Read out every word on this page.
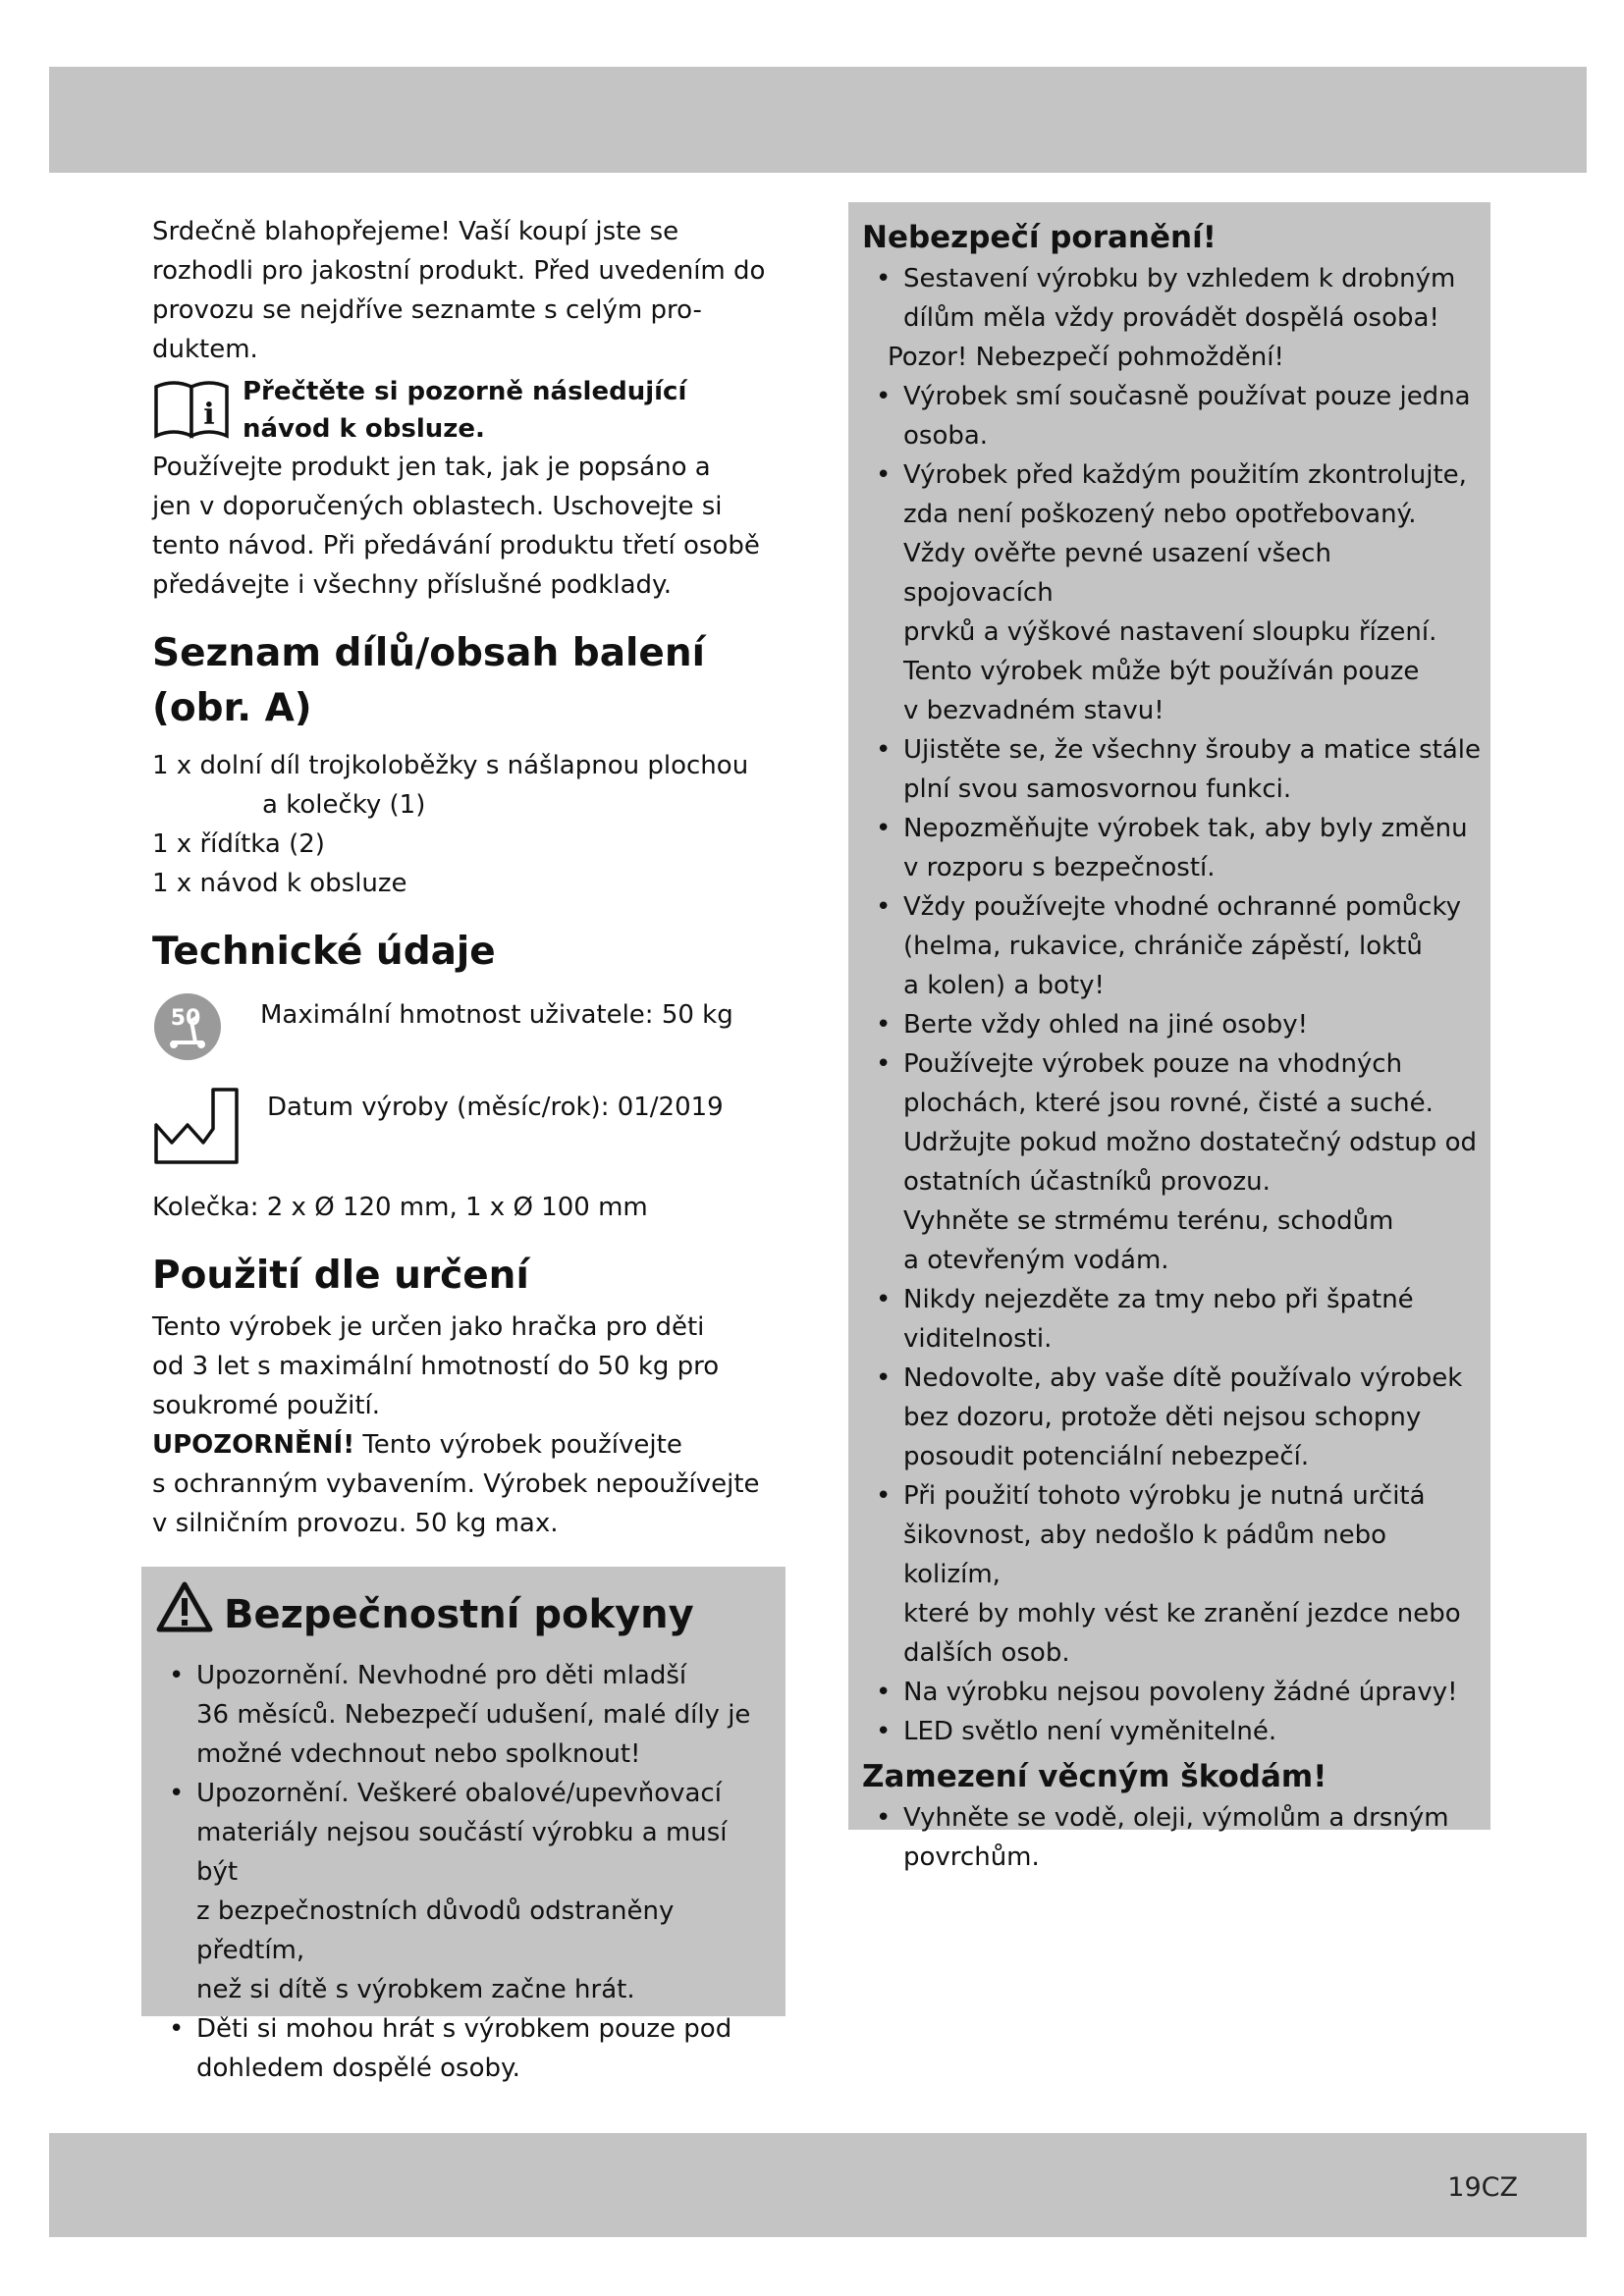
19CZ

Srdečně blahopřejeme! Vaší koupí jste se

rozhodli pro jakostní produkt. Před uvedením do

provozu se nejdříve seznamte s celým pro-

duktem.

i
Přečtěte si pozorně následující
návod k obsluze.

Používejte produkt jen tak, jak je popsáno a

jen v doporučených oblastech. Uschovejte si

tento návod. Při předávání produktu třetí osobě

předávejte i všechny příslušné podklady.

Seznam dílů/obsah balení
(obr. A)
1 x dolní díl trojkoloběžky s nášlapnou plochou
a kolečky (1)
1 x řídítka (2)
1 x návod k obsluze
Technické údaje
50 Maximální hmotnost uživatele: 50 kg
Datum výroby (měsíc/rok): 01/2019

Kolečka: 2 x Ø 120 mm, 1 x Ø 100 mm

Použití dle určení

Tento výrobek je určen jako hračka pro děti

od 3 let s maximální hmotností do 50 kg pro

soukromé použití.

UPOZORNĚNÍ! Tento výrobek používejte

s ochranným vybavením. Výrobek nepoužívejte

v silničním provozu. 50 kg max.

Bezpečnostní pokyny
• Upozornění. Nevhodné pro děti mladší
36 měsíců. Nebezpečí udušení, malé díly je
možné vdechnout nebo spolknout!
• Upozornění. Veškeré obalové/upevňovací
materiály nejsou součástí výrobku a musí být
z bezpečnostních důvodů odstraněny předtím,
než si dítě s výrobkem začne hrát.
• Děti si mohou hrát s výrobkem pouze pod
dohledem dospělé osoby.
Nebezpečí poranění!
• Sestavení výrobku by vzhledem k drobným
dílům měla vždy provádět dospělá osoba!
Pozor! Nebezpečí pohmoždění!
• Výrobek smí současně používat pouze jedna
osoba.
• Výrobek před každým použitím zkontrolujte,
zda není poškozený nebo opotřebovaný.
Vždy ověřte pevné usazení všech spojovacích
prvků a výškové nastavení sloupku řízení.
Tento výrobek může být používán pouze
v bezvadném stavu!
• Ujistěte se, že všechny šrouby a matice stále
plní svou samosvornou funkci.
• Nepozměňujte výrobek tak, aby byly změnu
v rozporu s bezpečností.
• Vždy používejte vhodné ochranné pomůcky
(helma, rukavice, chrániče zápěstí, loktů
a kolen) a boty!
• Berte vždy ohled na jiné osoby!
• Používejte výrobek pouze na vhodných
plochách, které jsou rovné, čisté a suché.
Udržujte pokud možno dostatečný odstup od
ostatních účastníků provozu.
Vyhněte se strmému terénu, schodům
a otevřeným vodám.
• Nikdy nejezděte za tmy nebo při špatné
viditelnosti.
• Nedovolte, aby vaše dítě používalo výrobek
bez dozoru, protože děti nejsou schopny
posoudit potenciální nebezpečí.
• Při použití tohoto výrobku je nutná určitá
šikovnost, aby nedošlo k pádům nebo kolizím,
které by mohly vést ke zranění jezdce nebo
dalších osob.
• Na výrobku nejsou povoleny žádné úpravy!
• LED světlo není vyměnitelné.
Zamezení věcným škodám!
• Vyhněte se vodě, oleji, výmolům a drsným
povrchům.
